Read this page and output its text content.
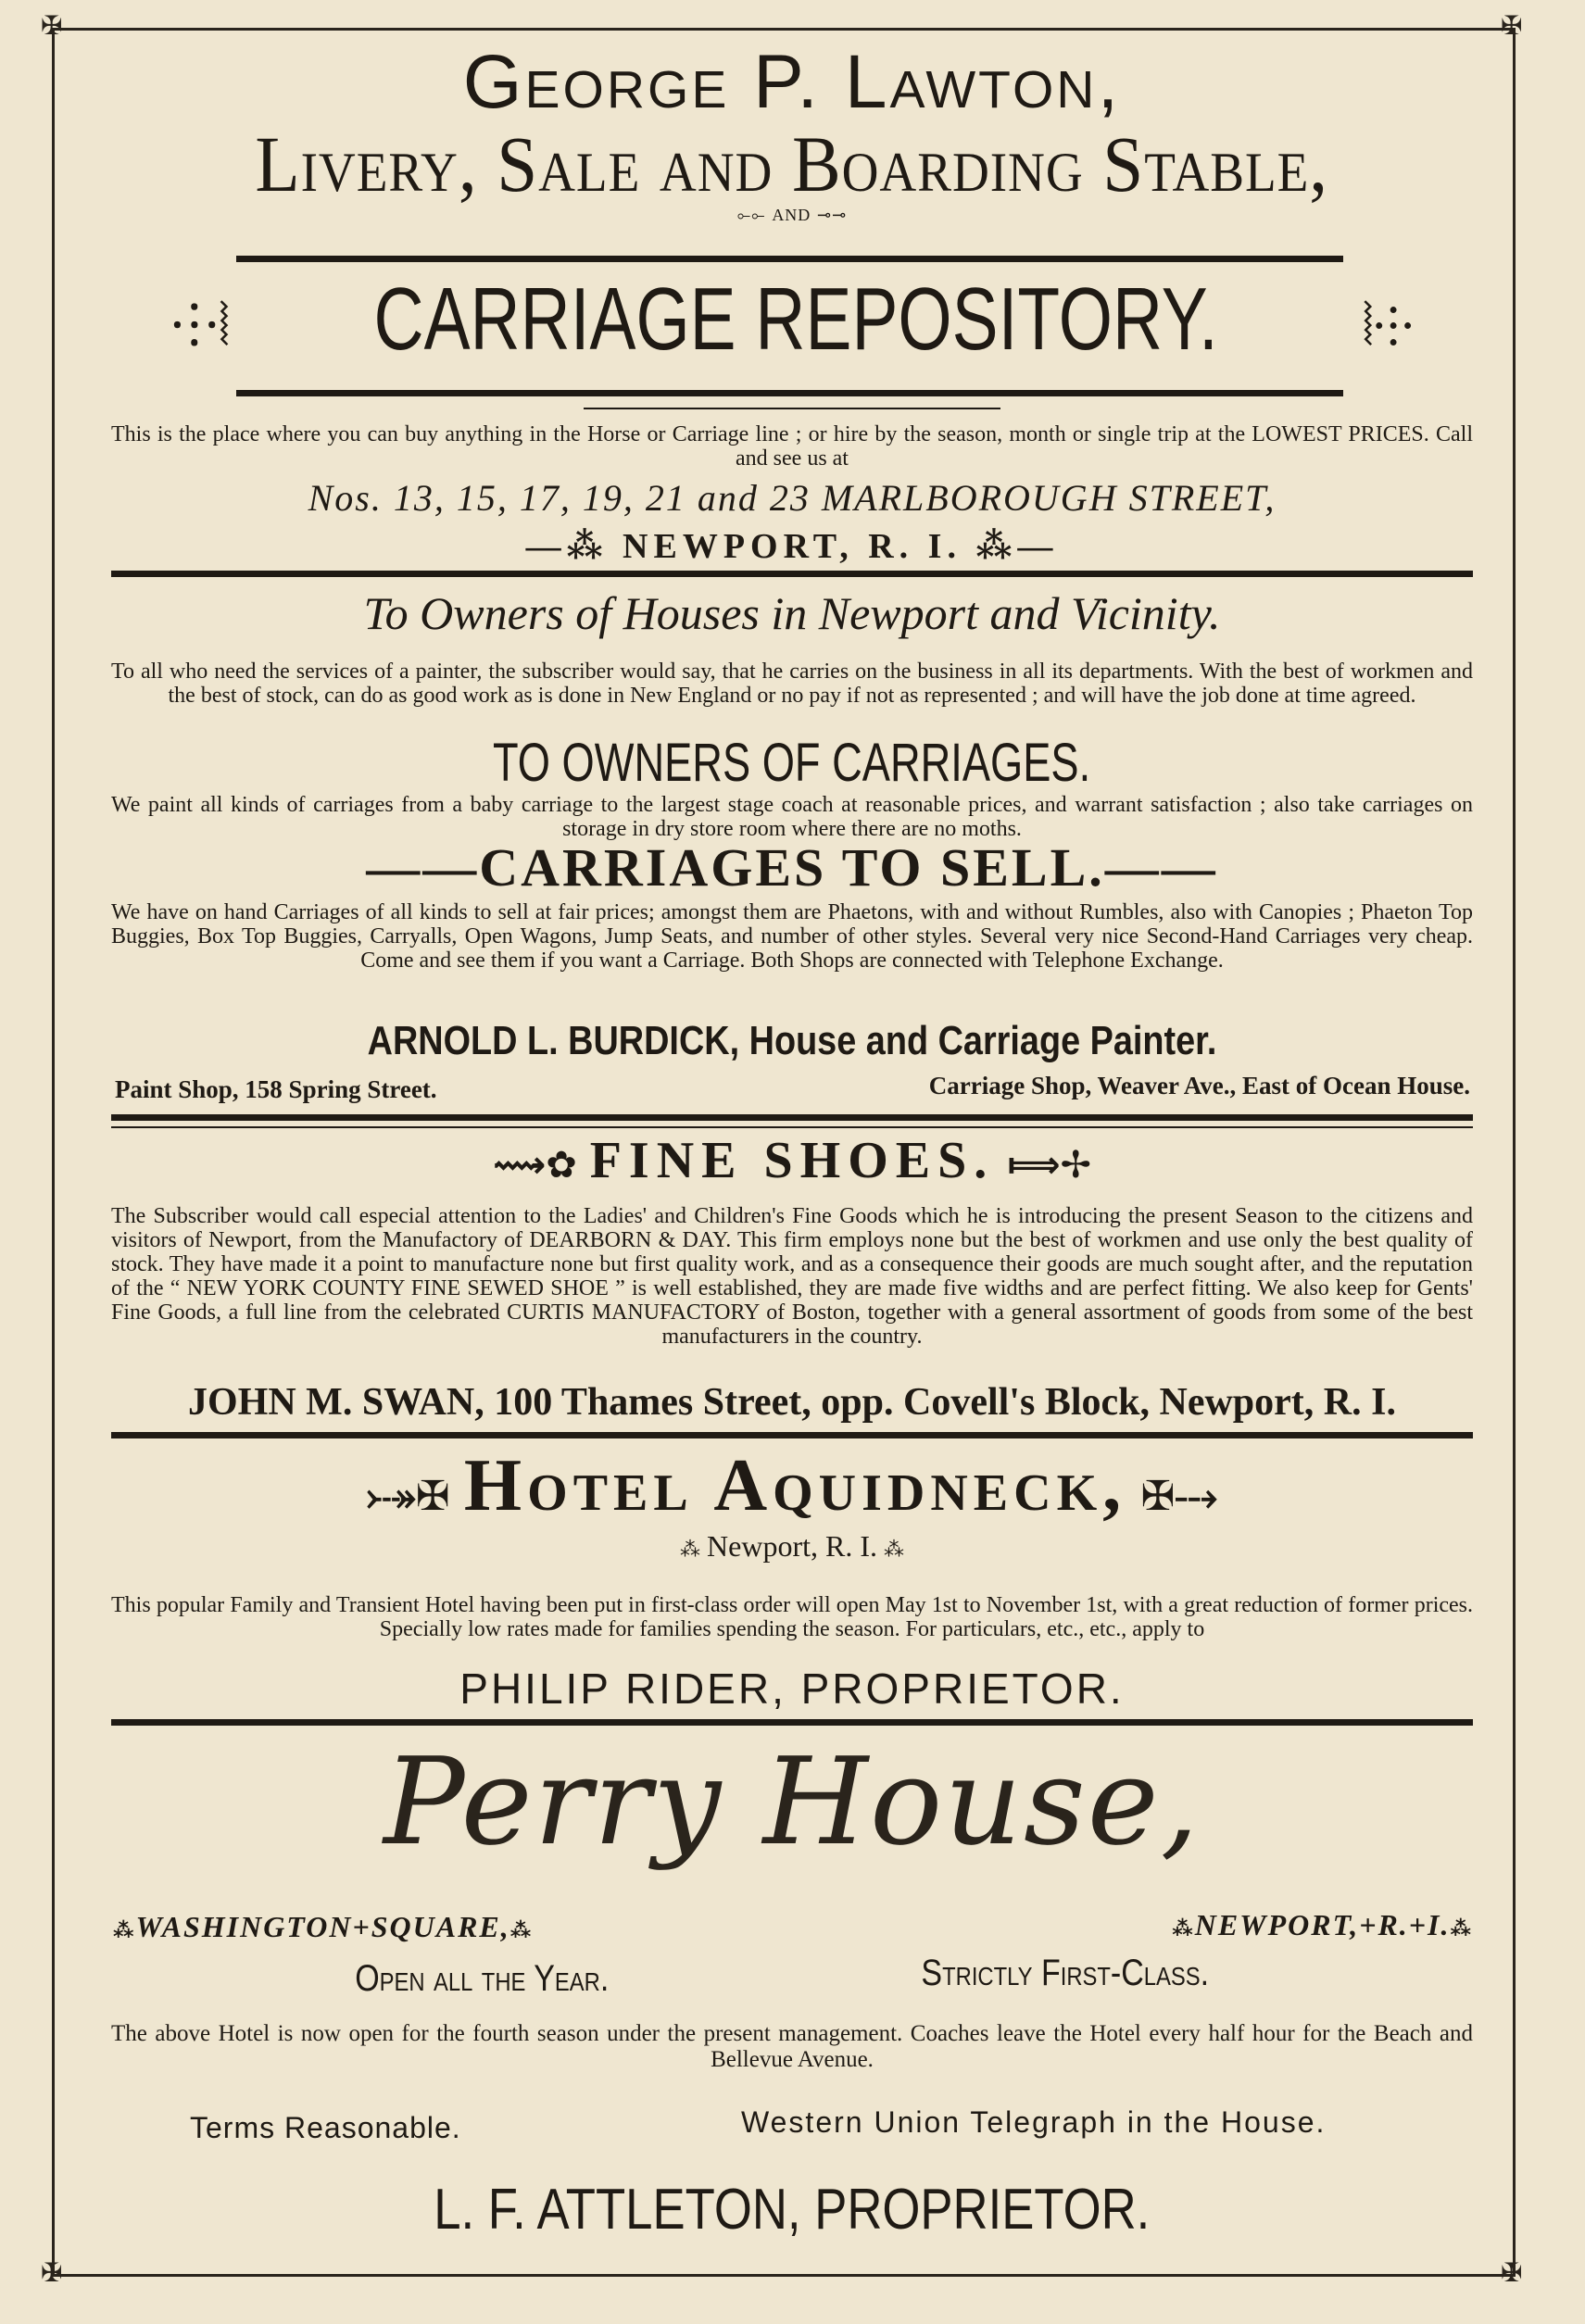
✠	✠
✠	✠
George P. Lawton,
Livery, Sale and Boarding Stable,
⟜⟜ AND ⊸⊸
⸭⦚ CARRIAGE REPOSITORY.	⦚⸭
This is the place where you can buy anything in the Horse or Carriage line ; or hire by the season, month or single trip at the LOWEST PRICES. Call and see us at
Nos. 13, 15, 17, 19, 21 and 23 MARLBOROUGH STREET,
—⁂ NEWPORT, R. I. ⁂—
To Owners of Houses in Newport and Vicinity.
To all who need the services of a painter, the subscriber would say, that he carries on the business in all its departments. With the best of workmen and the best of stock, can do as good work as is done in New England or no pay if not as represented ; and will have the job done at time agreed.
TO OWNERS OF CARRIAGES.
We paint all kinds of carriages from a baby carriage to the largest stage coach at reasonable prices, and warrant satisfaction ; also take carriages on storage in dry store room where there are no moths.
——CARRIAGES TO SELL.——
We have on hand Carriages of all kinds to sell at fair prices; amongst them are Phaetons, with and without Rumbles, also with Canopies ; Phaeton Top Buggies, Box Top Buggies, Carryalls, Open Wagons, Jump Seats, and number of other styles. Several very nice Second-Hand Carriages very cheap. Come and see them if you want a Carriage. Both Shops are connected with Telephone Exchange.
ARNOLD L. BURDICK, House and Carriage Painter.
Paint Shop, 158 Spring Street.	Carriage Shop, Weaver Ave., East of Ocean House.
⟿✿ FINE SHOES. ⟾✢
The Subscriber would call especial attention to the Ladies' and Children's Fine Goods which he is introducing the present Season to the citizens and visitors of Newport, from the Manufactory of DEARBORN & DAY. This firm employs none but the best of workmen and use only the best quality of stock. They have made it a point to manufacture none but first quality work, and as a consequence their goods are much sought after, and the reputation of the “ NEW YORK COUNTY FINE SEWED SHOE ” is well established, they are made five widths and are perfect fitting. We also keep for Gents' Fine Goods, a full line from the celebrated CURTIS MANUFACTORY of Boston, together with a general assortment of goods from some of the best manufacturers in the country.
JOHN M. SWAN, 100 Thames Street, opp. Covell's Block, Newport, R. I.
⤐✠ Hotel Aquidneck, ✠⤏
⁂ Newport, R. I. ⁂
This popular Family and Transient Hotel having been put in first-class order will open May 1st to November 1st, with a great reduction of former prices. Specially low rates made for families spending the season. For particulars, etc., etc., apply to
PHILIP RIDER, PROPRIETOR.
Perry House,
⁂WASHINGTON+SQUARE,⁂	⁂NEWPORT,+R.+I.⁂
Open all the Year.	Strictly First-Class.
The above Hotel is now open for the fourth season under the present management. Coaches leave the Hotel every half hour for the Beach and Bellevue Avenue.
Terms Reasonable.	Western Union Telegraph in the House.
L. F. ATTLETON, PROPRIETOR.
